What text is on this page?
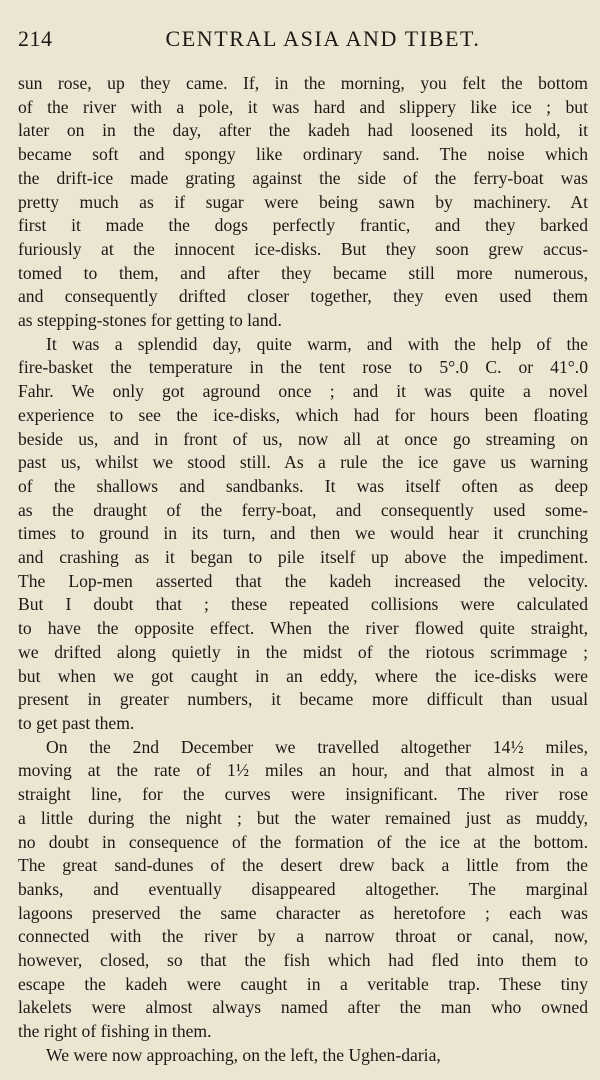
214	CENTRAL ASIA AND TIBET.
sun rose, up they came. If, in the morning, you felt the bottom
of the river with a pole, it was hard and slippery like ice ; but
later on in the day, after the kadeh had loosened its hold, it
became soft and spongy like ordinary sand. The noise which
the drift-ice made grating against the side of the ferry-boat was
pretty much as if sugar were being sawn by machinery. At
first it made the dogs perfectly frantic, and they barked
furiously at the innocent ice-disks. But they soon grew accus-
tomed to them, and after they became still more numerous,
and consequently drifted closer together, they even used them
as stepping-stones for getting to land.
It was a splendid day, quite warm, and with the help of the
fire-basket the temperature in the tent rose to 5°.0 C. or 41°.0
Fahr. We only got aground once ; and it was quite a novel
experience to see the ice-disks, which had for hours been floating
beside us, and in front of us, now all at once go streaming on
past us, whilst we stood still. As a rule the ice gave us warning
of the shallows and sandbanks. It was itself often as deep
as the draught of the ferry-boat, and consequently used some-
times to ground in its turn, and then we would hear it crunching
and crashing as it began to pile itself up above the impediment.
The Lop-men asserted that the kadeh increased the velocity.
But I doubt that ; these repeated collisions were calculated
to have the opposite effect. When the river flowed quite straight,
we drifted along quietly in the midst of the riotous scrimmage ;
but when we got caught in an eddy, where the ice-disks were
present in greater numbers, it became more difficult than usual
to get past them.
On the 2nd December we travelled altogether 14½ miles,
moving at the rate of 1½ miles an hour, and that almost in a
straight line, for the curves were insignificant. The river rose
a little during the night ; but the water remained just as muddy,
no doubt in consequence of the formation of the ice at the bottom.
The great sand-dunes of the desert drew back a little from the
banks, and eventually disappeared altogether. The marginal
lagoons preserved the same character as heretofore ; each was
connected with the river by a narrow throat or canal, now,
however, closed, so that the fish which had fled into them to
escape the kadeh were caught in a veritable trap. These tiny
lakelets were almost always named after the man who owned
the right of fishing in them.
We were now approaching, on the left, the Ughen-daria,
